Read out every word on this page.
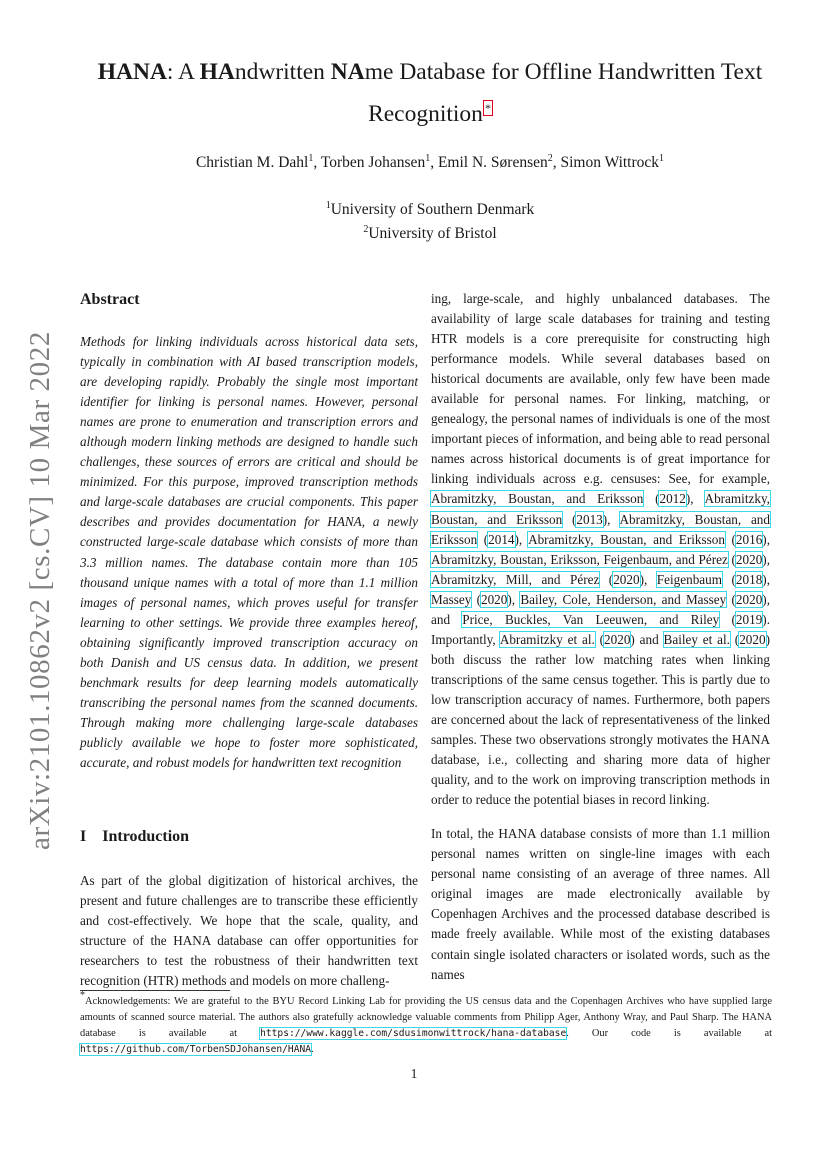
arXiv:2101.10862v2 [cs.CV] 10 Mar 2022
HANA: A HAndwritten NAme Database for Offline Handwritten Text Recognition *
Christian M. Dahl$^1$, Torben Johansen$^1$, Emil N. Sørensen$^2$, Simon Wittrock$^1$
$^1$University of Southern Denmark
$^2$University of Bristol
Abstract
Methods for linking individuals across historical data sets, typically in combination with AI based transcription models, are developing rapidly. Probably the single most important identifier for linking is personal names. However, personal names are prone to enumeration and transcription errors and although modern linking methods are designed to handle such challenges, these sources of errors are critical and should be minimized. For this purpose, improved transcription methods and large-scale databases are crucial components. This paper describes and provides documentation for HANA, a newly constructed large-scale database which consists of more than 3.3 million names. The database contain more than 105 thousand unique names with a total of more than 1.1 million images of personal names, which proves useful for transfer learning to other settings. We provide three examples hereof, obtaining significantly improved transcription accuracy on both Danish and US census data. In addition, we present benchmark results for deep learning models automatically transcribing the personal names from the scanned documents. Through making more challenging large-scale databases publicly available we hope to foster more sophisticated, accurate, and robust models for handwritten text recognition
I Introduction
As part of the global digitization of historical archives, the present and future challenges are to transcribe these efficiently and cost-effectively. We hope that the scale, quality, and structure of the HANA database can offer opportunities for researchers to test the robustness of their handwritten text recognition (HTR) methods and models on more challeng-
ing, large-scale, and highly unbalanced databases. The availability of large scale databases for training and testing HTR models is a core prerequisite for constructing high performance models. While several databases based on historical documents are available, only few have been made available for personal names. For linking, matching, or genealogy, the personal names of individuals is one of the most important pieces of information, and being able to read personal names across historical documents is of great importance for linking individuals across e.g. censuses: See, for example, Abramitzky, Boustan, and Eriksson (2012), Abramitzky, Boustan, and Eriksson (2013), Abramitzky, Boustan, and Eriksson (2014), Abramitzky, Boustan, and Eriksson (2016), Abramitzky, Boustan, Eriksson, Feigenbaum, and Pérez (2020), Abramitzky, Mill, and Pérez (2020), Feigenbaum (2018), Massey (2020), Bailey, Cole, Henderson, and Massey (2020), and Price, Buckles, Van Leeuwen, and Riley (2019). Importantly, Abramitzky et al. (2020) and Bailey et al. (2020) both discuss the rather low matching rates when linking transcriptions of the same census together. This is partly due to low transcription accuracy of names. Furthermore, both papers are concerned about the lack of representativeness of the linked samples. These two observations strongly motivates the HANA database, i.e., collecting and sharing more data of higher quality, and to the work on improving transcription methods in order to reduce the potential biases in record linking.
In total, the HANA database consists of more than 1.1 million personal names written on single-line images with each personal name consisting of an average of three names. All original images are made electronically available by Copenhagen Archives and the processed database described is made freely available. While most of the existing databases contain single isolated characters or isolated words, such as the names
*Acknowledgements: We are grateful to the BYU Record Linking Lab for providing the US census data and the Copenhagen Archives who have supplied large amounts of scanned source material. The authors also gratefully acknowledge valuable comments from Philipp Ager, Anthony Wray, and Paul Sharp. The HANA database is available at https://www.kaggle.com/sdusimonwittrock/hana-database. Our code is available at https://github.com/TorbenSDJohansen/HANA.
1
